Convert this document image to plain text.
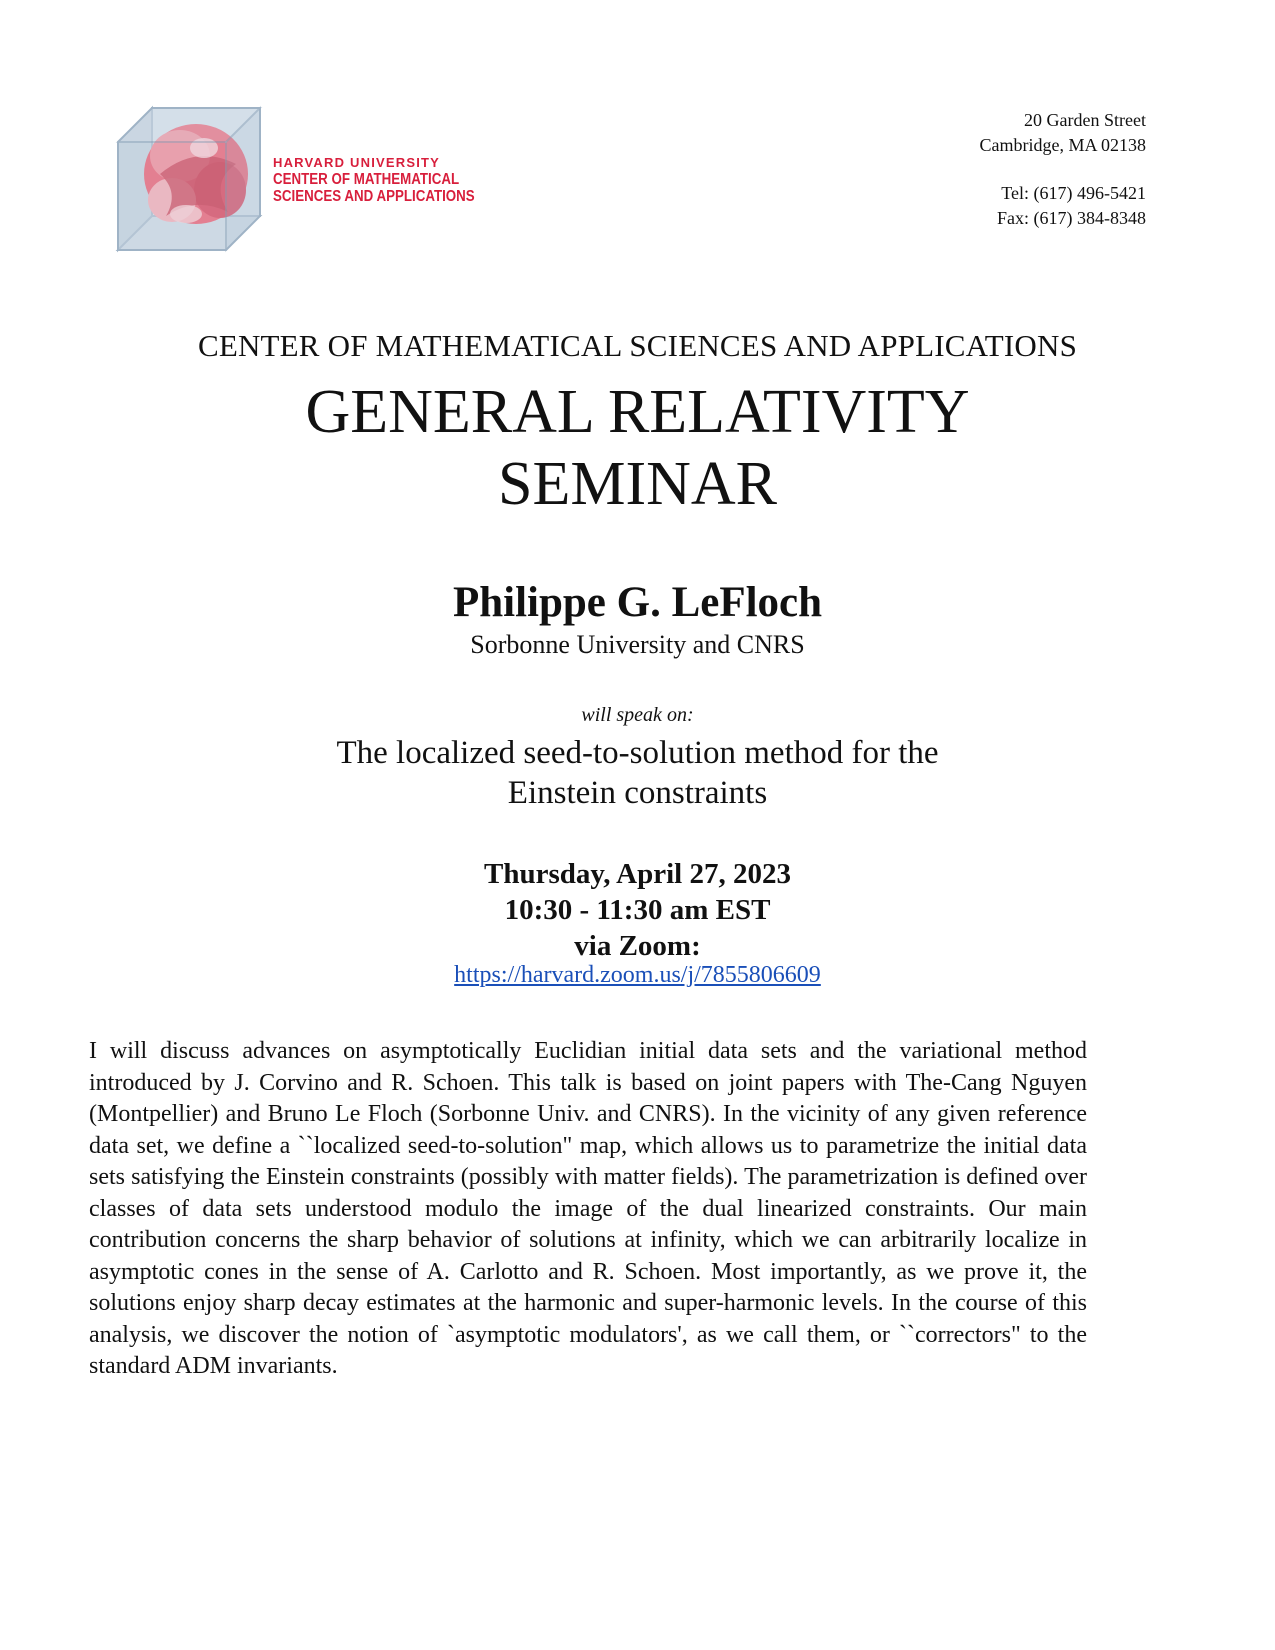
HARVARD UNIVERSITY
CENTER OF MATHEMATICAL
SCIENCES AND APPLICATIONS
20 Garden Street
Cambridge, MA 02138
Tel: (617) 496-5421
Fax: (617) 384-8348
CENTER OF MATHEMATICAL SCIENCES AND APPLICATIONS
GENERAL RELATIVITY
SEMINAR
Philippe G. LeFloch
Sorbonne University and CNRS
will speak on:
The localized seed-to-solution method for the
Einstein constraints
Thursday, April 27, 2023
10:30 - 11:30 am EST
via Zoom:
https://harvard.zoom.us/j/7855806609
I will discuss advances on asymptotically Euclidian initial data sets and the variational method introduced by J. Corvino and R. Schoen. This talk is based on joint papers with The-Cang Nguyen (Montpellier) and Bruno Le Floch (Sorbonne Univ. and CNRS). In the vicinity of any given reference data set, we define a ``localized seed-to-solution" map, which allows us to parametrize the initial data sets satisfying the Einstein constraints (possibly with matter fields). The parametrization is defined over classes of data sets understood modulo the image of the dual linearized constraints. Our main contribution concerns the sharp behavior of solutions at infinity, which we can arbitrarily localize in asymptotic cones in the sense of A. Carlotto and R. Schoen. Most importantly, as we prove it, the solutions enjoy sharp decay estimates at the harmonic and super-harmonic levels. In the course of this analysis, we discover the notion of `asymptotic modulators', as we call them, or ``correctors" to the standard ADM invariants.
